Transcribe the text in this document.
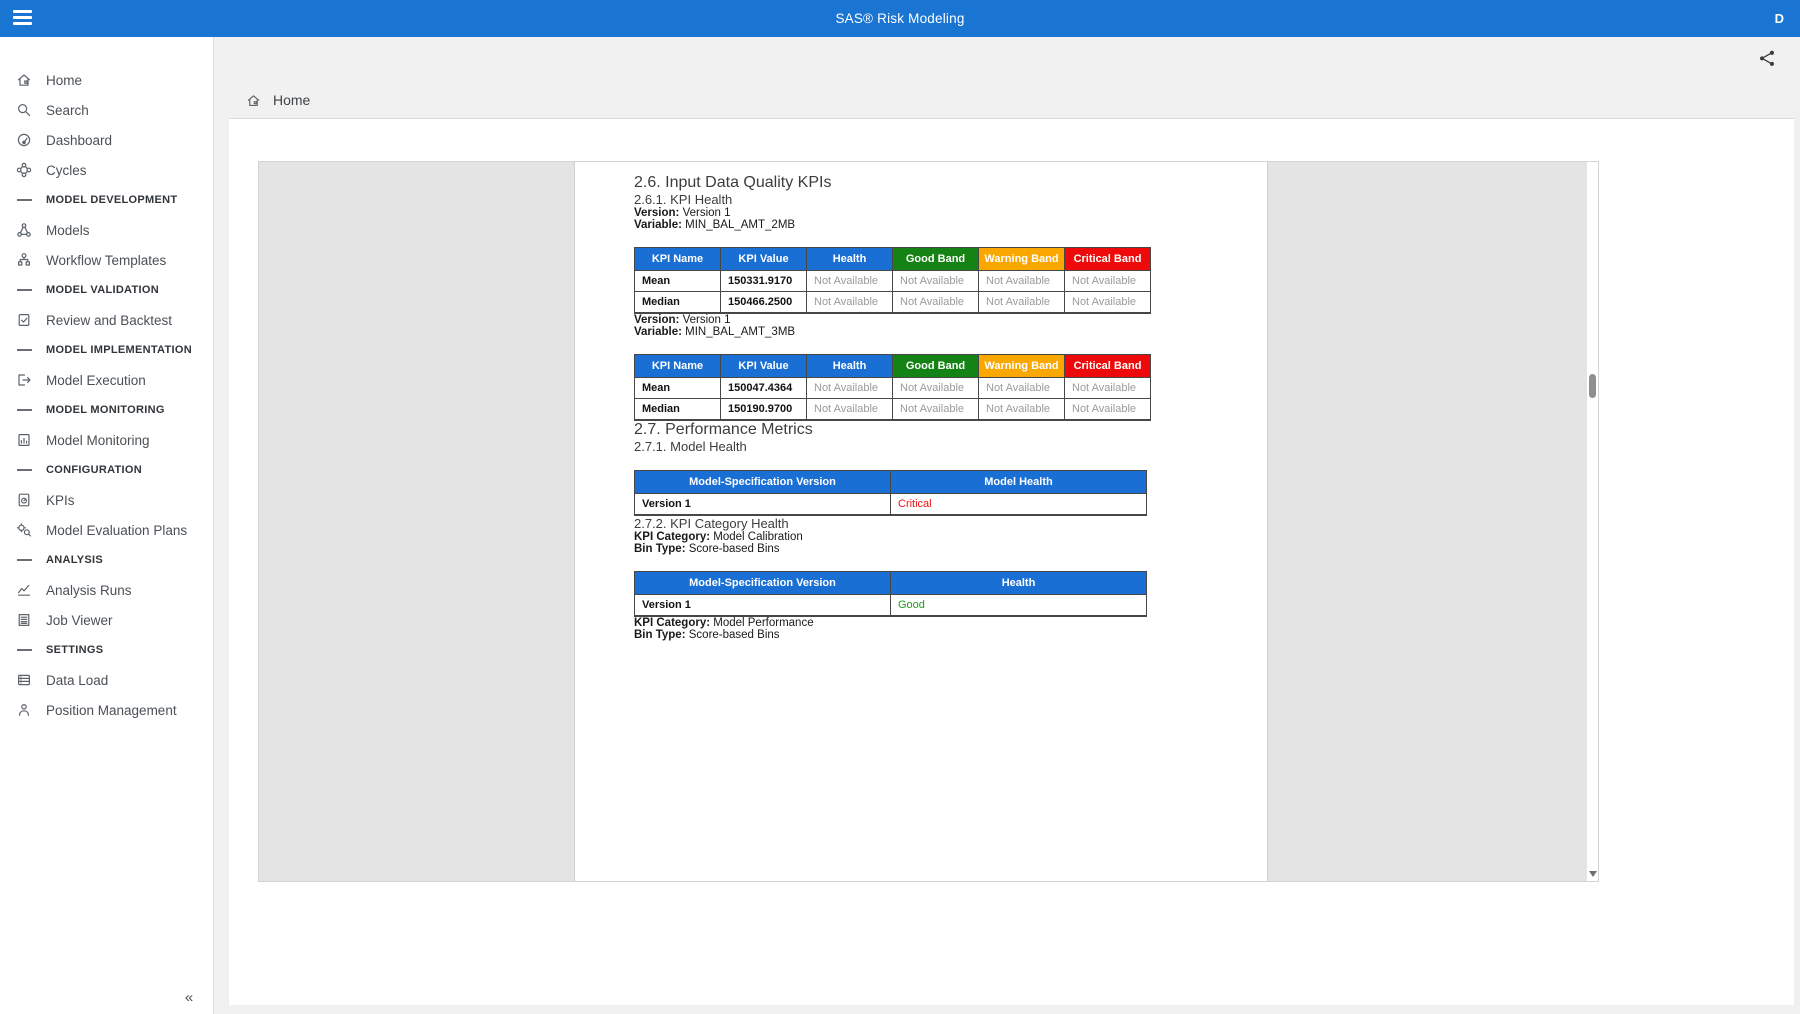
SAS® Risk Modeling	D
Home
Search
Dashboard
Cycles
MODEL DEVELOPMENT
Models
Workflow Templates
MODEL VALIDATION
Review and Backtest
MODEL IMPLEMENTATION
Model Execution
MODEL MONITORING
Model Monitoring
CONFIGURATION
KPIs
Model Evaluation Plans
ANALYSIS
Analysis Runs
Job Viewer
SETTINGS
Data Load
Position Management
«
Home
2.6. Input Data Quality KPIs
2.6.1. KPI Health

Version: Version 1

Variable: MIN_BAL_AMT_2MB

KPI Name	KPI Value	Health	Good Band	Warning Band	Critical Band
Mean	150331.9170	Not Available	Not Available	Not Available	Not Available
Median	150466.2500	Not Available	Not Available	Not Available	Not Available

Version: Version 1

Variable: MIN_BAL_AMT_3MB

KPI Name	KPI Value	Health	Good Band	Warning Band	Critical Band
Mean	150047.4364	Not Available	Not Available	Not Available	Not Available
Median	150190.9700	Not Available	Not Available	Not Available	Not Available
2.7. Performance Metrics
2.7.1. Model Health
Model-Specification Version	Model Health
Version 1	Critical
2.7.2. KPI Category Health

KPI Category: Model Calibration

Bin Type: Score-based Bins

Model-Specification Version	Health
Version 1	Good

KPI Category: Model Performance

Bin Type: Score-based Bins
